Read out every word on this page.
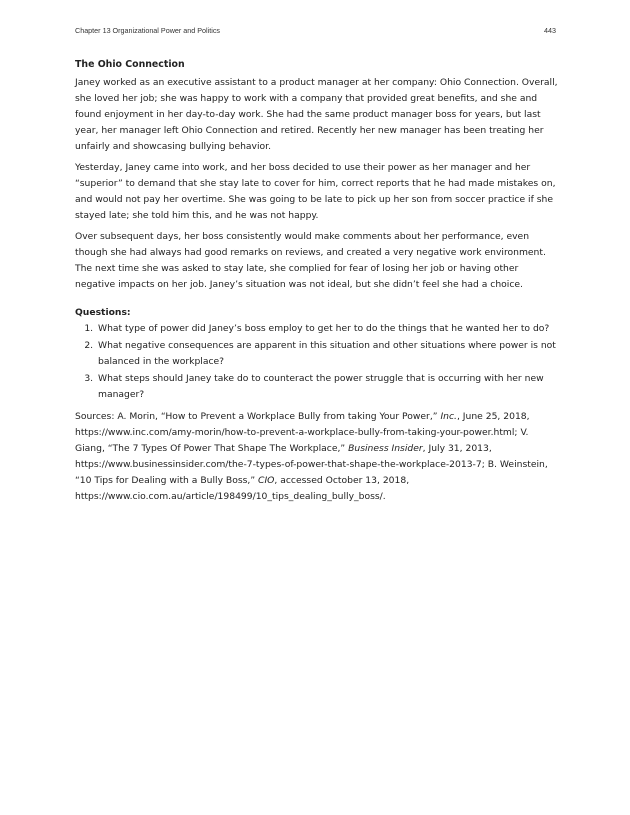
Chapter 13 Organizational Power and Politics	443
The Ohio Connection

Janey worked as an executive assistant to a product manager at her company: Ohio Connection. Overall, she loved her job; she was happy to work with a company that provided great benefits, and she and found enjoyment in her day-to-day work. She had the same product manager boss for years, but last year, her manager left Ohio Connection and retired. Recently her new manager has been treating her unfairly and showcasing bullying behavior.

Yesterday, Janey came into work, and her boss decided to use their power as her manager and her “superior” to demand that she stay late to cover for him, correct reports that he had made mistakes on, and would not pay her overtime. She was going to be late to pick up her son from soccer practice if she stayed late; she told him this, and he was not happy.

Over subsequent days, her boss consistently would make comments about her performance, even though she had always had good remarks on reviews, and created a very negative work environment. The next time she was asked to stay late, she complied for fear of losing her job or having other negative impacts on her job. Janey’s situation was not ideal, but she didn’t feel she had a choice.

Questions:
1. What type of power did Janey’s boss employ to get her to do the things that he wanted her to do?
2. What negative consequences are apparent in this situation and other situations where power is not balanced in the workplace?
3. What steps should Janey take do to counteract the power struggle that is occurring with her new manager?

Sources: A. Morin, “How to Prevent a Workplace Bully from taking Your Power,” Inc., June 25, 2018, https://www.inc.com/amy-morin/how-to-prevent-a-workplace-bully-from-taking-your-power.html; V. Giang, “The 7 Types Of Power That Shape The Workplace,” Business Insider, July 31, 2013, https://www.businessinsider.com/the-7-types-of-power-that-shape-the-workplace-2013-7; B. Weinstein, “10 Tips for Dealing with a Bully Boss,” CIO, accessed October 13, 2018, https://www.cio.com.au/article/198499/10_tips_dealing_bully_boss/.
